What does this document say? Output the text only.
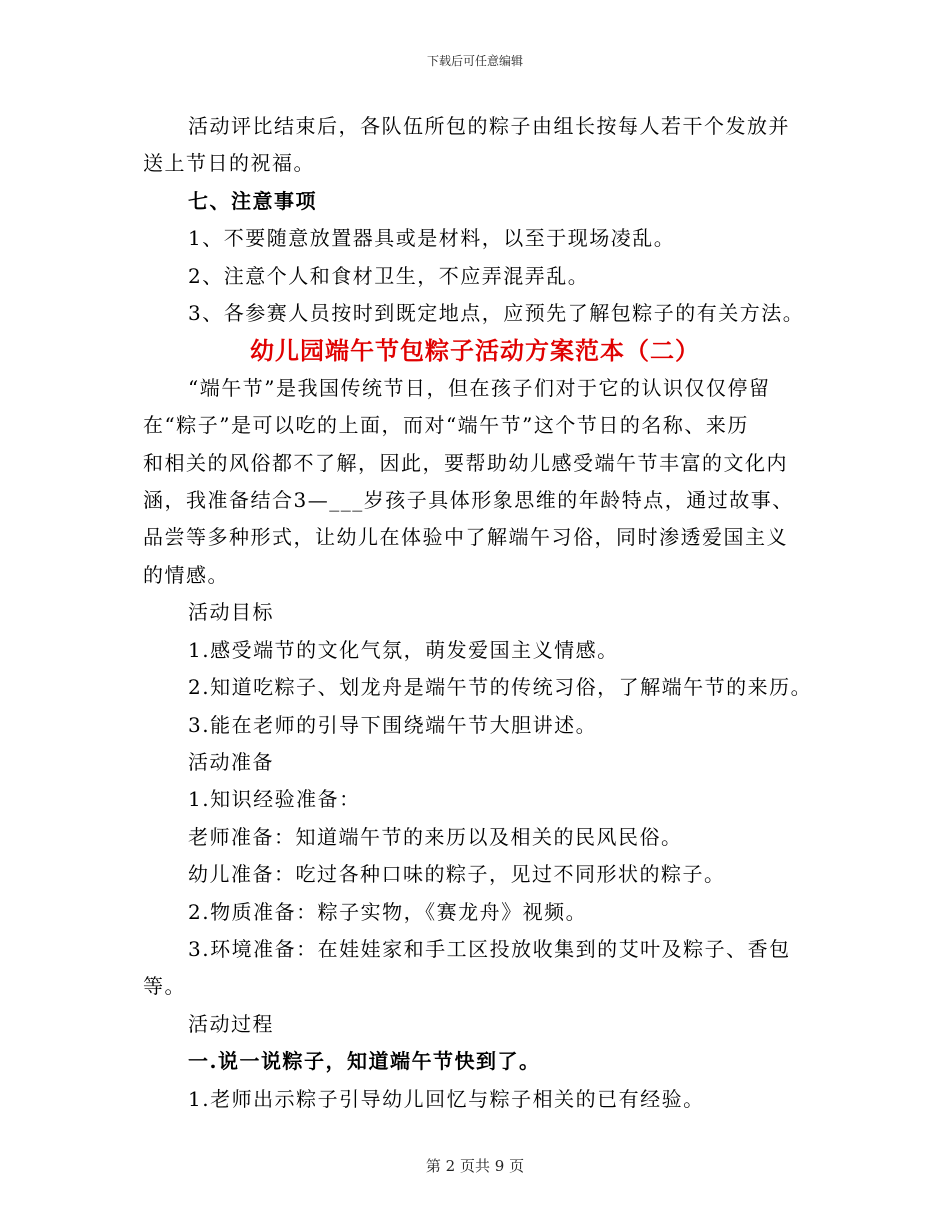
下载后可任意编辑

活动评比结束后，各队伍所包的粽子由组长按每人若干个发放并

送上节日的祝福。

七、注意事项

1、不要随意放置器具或是材料，以至于现场凌乱。

2、注意个人和食材卫生，不应弄混弄乱。

3、各参赛人员按时到既定地点，应预先了解包粽子的有关方法。

幼儿园端午节包粽子活动方案范本（二）

“端午节”是我国传统节日，但在孩子们对于它的认识仅仅停留

在“粽子”是可以吃的上面，而对“端午节”这个节日的名称、来历

和相关的风俗都不了解，因此，要帮助幼儿感受端午节丰富的文化内

涵，我准备结合3—___岁孩子具体形象思维的年龄特点，通过故事、

品尝等多种形式，让幼儿在体验中了解端午习俗，同时渗透爱国主义

的情感。

活动目标

1.感受端节的文化气氛，萌发爱国主义情感。

2.知道吃粽子、划龙舟是端午节的传统习俗，了解端午节的来历。

3.能在老师的引导下围绕端午节大胆讲述。

活动准备

1.知识经验准备：

老师准备：知道端午节的来历以及相关的民风民俗。

幼儿准备：吃过各种口味的粽子，见过不同形状的粽子。

2.物质准备：粽子实物，《赛龙舟》视频。

3.环境准备：在娃娃家和手工区投放收集到的艾叶及粽子、香包

等。

活动过程

一.说一说粽子，知道端午节快到了。

1.老师出示粽子引导幼儿回忆与粽子相关的已有经验。

第 2 页共 9 页
